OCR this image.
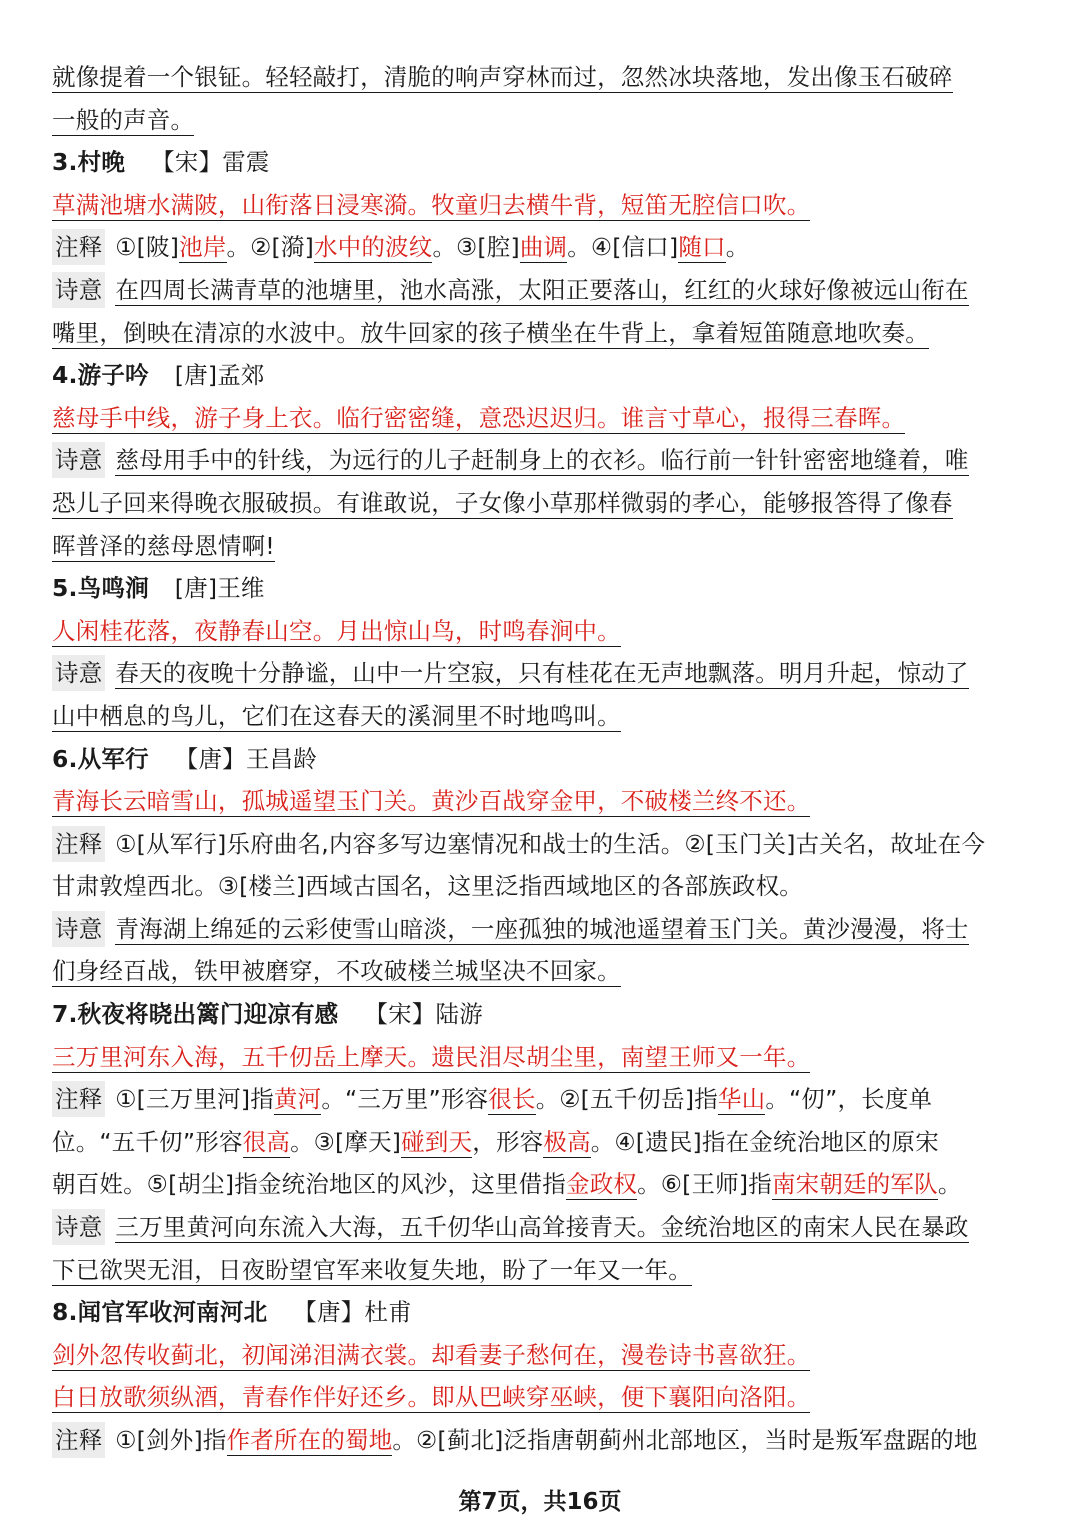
就像提着一个银钲。轻轻敲打，清脆的响声穿林而过，忽然冰块落地，发出像玉石破碎
一般的声音。
3.村晚 【宋】雷震
草满池塘水满陂，山衔落日浸寒漪。牧童归去横牛背，短笛无腔信口吹。
注释 ①[陂]池岸。②[漪]水中的波纹。③[腔]曲调。④[信口]随口。
诗意 在四周长满青草的池塘里，池水高涨，太阳正要落山，红红的火球好像被远山衔在
嘴里，倒映在清凉的水波中。放牛回家的孩子横坐在牛背上，拿着短笛随意地吹奏。
4.游子吟 [唐]孟郊
慈母手中线，游子身上衣。临行密密缝，意恐迟迟归。谁言寸草心，报得三春晖。
诗意 慈母用手中的针线，为远行的儿子赶制身上的衣衫。临行前一针针密密地缝着，唯
恐儿子回来得晚衣服破损。有谁敢说，子女像小草那样微弱的孝心，能够报答得了像春
晖普泽的慈母恩情啊!
5.鸟鸣涧 [唐]王维
人闲桂花落，夜静春山空。月出惊山鸟，时鸣春涧中。
诗意 春天的夜晚十分静谧，山中一片空寂，只有桂花在无声地飘落。明月升起，惊动了
山中栖息的鸟儿，它们在这春天的溪洞里不时地鸣叫。
6.从军行 【唐】王昌龄
青海长云暗雪山，孤城遥望玉门关。黄沙百战穿金甲，不破楼兰终不还。
注释 ①[从军行]乐府曲名,内容多写边塞情况和战士的生活。②[玉门关]古关名，故址在今
甘肃敦煌西北。③[楼兰]西域古国名，这里泛指西域地区的各部族政权。
诗意 青海湖上绵延的云彩使雪山暗淡，一座孤独的城池遥望着玉门关。黄沙漫漫，将士
们身经百战，铁甲被磨穿，不攻破楼兰城坚决不回家。
7.秋夜将晓出篱门迎凉有感 【宋】陆游
三万里河东入海，五千仞岳上摩天。遗民泪尽胡尘里，南望王师又一年。
注释 ①[三万里河]指黄河。“三万里”形容很长。②[五千仞岳]指华山。“仞”，长度单
位。“五千仞”形容很高。③[摩天]碰到天，形容极高。④[遗民]指在金统治地区的原宋
朝百姓。⑤[胡尘]指金统治地区的风沙，这里借指金政权。⑥[王师]指南宋朝廷的军队。
诗意 三万里黄河向东流入大海，五千仞华山高耸接青天。金统治地区的南宋人民在暴政
下已欲哭无泪，日夜盼望官军来收复失地，盼了一年又一年。
8.闻官军收河南河北 【唐】杜甫
剑外忽传收蓟北，初闻涕泪满衣裳。却看妻子愁何在，漫卷诗书喜欲狂。
白日放歌须纵酒，青春作伴好还乡。即从巴峡穿巫峡，便下襄阳向洛阳。
注释 ①[剑外]指作者所在的蜀地。②[蓟北]泛指唐朝蓟州北部地区，当时是叛军盘踞的地
第7页，共16页
